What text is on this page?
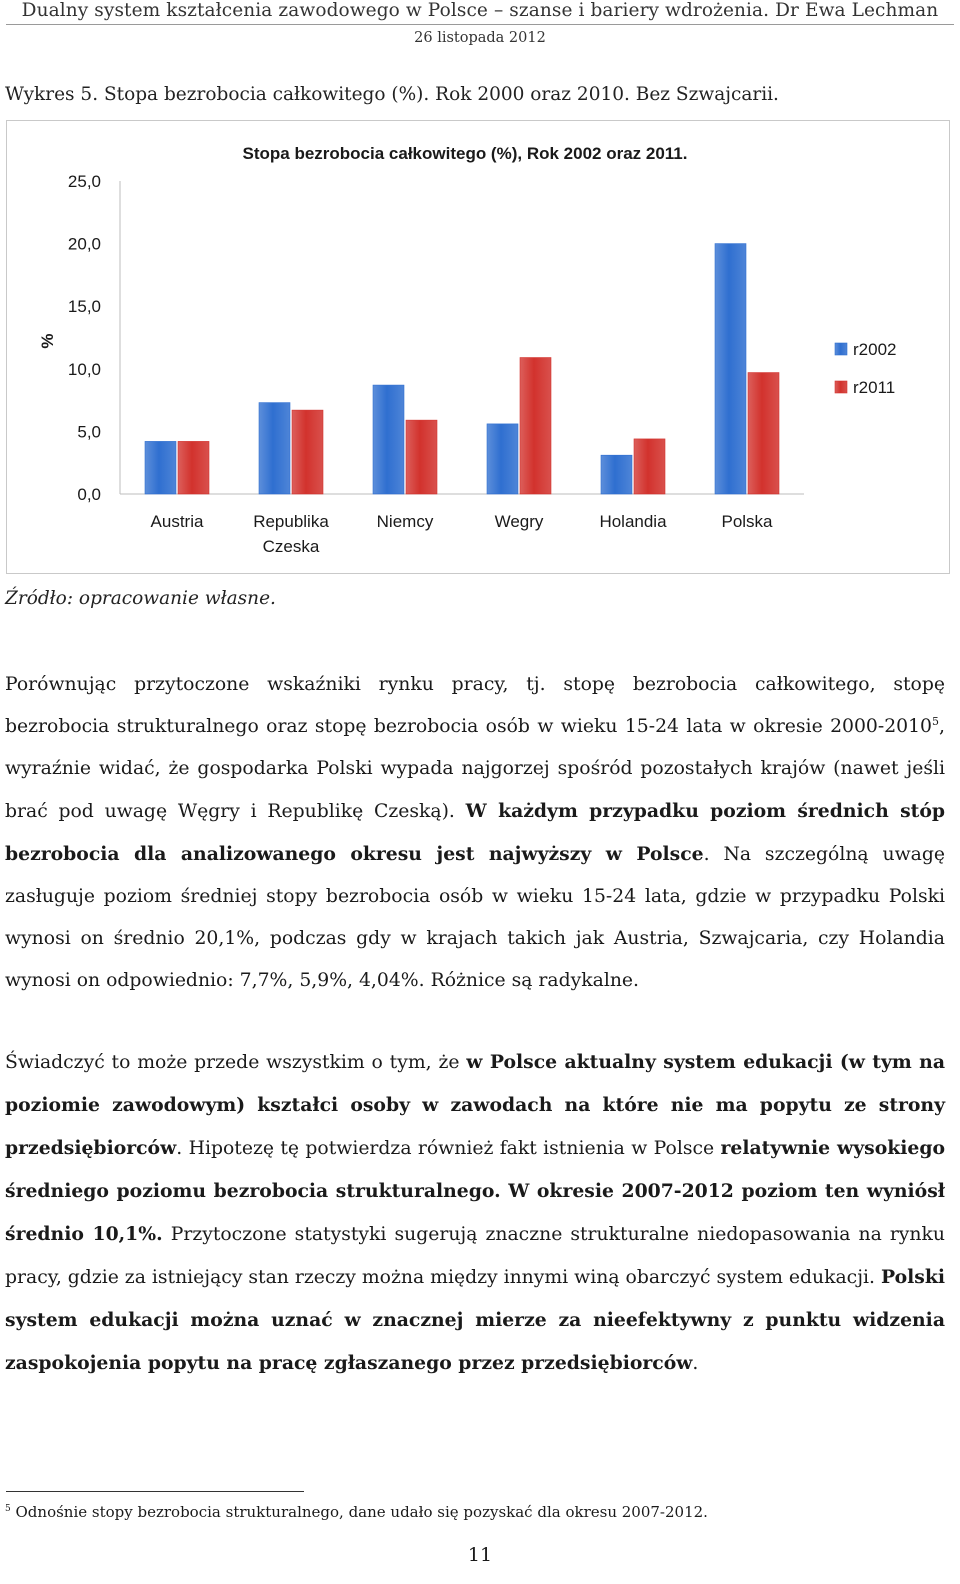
Dualny system kształcenia zawodowego w Polsce – szanse i bariery wdrożenia. Dr Ewa Lechman
26 listopada 2012
Wykres 5. Stopa bezrobocia całkowitego (%). Rok 2000 oraz 2010. Bez Szwajcarii.
Stopa bezrobocia całkowitego (%), Rok 2002 oraz 2011.
%
0,0
5,0
10,0
15,0
20,0
25,0
Austria	Republika
Czeska
Niemcy	Wegry	Holandia	Polska
r2002
r2011
Źródło: opracowanie własne.

Porównując przytoczone wskaźniki rynku pracy, tj. stopę bezrobocia całkowitego, stopę bezrobocia strukturalnego oraz stopę bezrobocia osób w wieku 15-24 lata w okresie 2000-2010$^5$, wyraźnie widać, że gospodarka Polski wypada najgorzej spośród pozostałych krajów (nawet jeśli brać pod uwagę Węgry i Republikę Czeską). W każdym przypadku poziom średnich stóp bezrobocia dla analizowanego okresu jest najwyższy w Polsce. Na szczególną uwagę zasługuje poziom średniej stopy bezrobocia osób w wieku 15-24 lata, gdzie w przypadku Polski wynosi on średnio 20,1%, podczas gdy w krajach takich jak Austria, Szwajcaria, czy Holandia wynosi on odpowiednio: 7,7%, 5,9%, 4,04%. Różnice są radykalne.

Świadczyć to może przede wszystkim o tym, że w Polsce aktualny system edukacji (w tym na poziomie zawodowym) kształci osoby w zawodach na które nie ma popytu ze strony przedsiębiorców. Hipotezę tę potwierdza również fakt istnienia w Polsce relatywnie wysokiego średniego poziomu bezrobocia strukturalnego. W okresie 2007-2012 poziom ten wyniósł średnio 10,1%. Przytoczone statystyki sugerują znaczne strukturalne niedopasowania na rynku pracy, gdzie za istniejący stan rzeczy można między innymi winą obarczyć system edukacji. Polski system edukacji można uznać w znacznej mierze za nieefektywny z punktu widzenia zaspokojenia popytu na pracę zgłaszanego przez przedsiębiorców.

$^5$ Odnośnie stopy bezrobocia strukturalnego, dane udało się pozyskać dla okresu 2007-2012.
11
